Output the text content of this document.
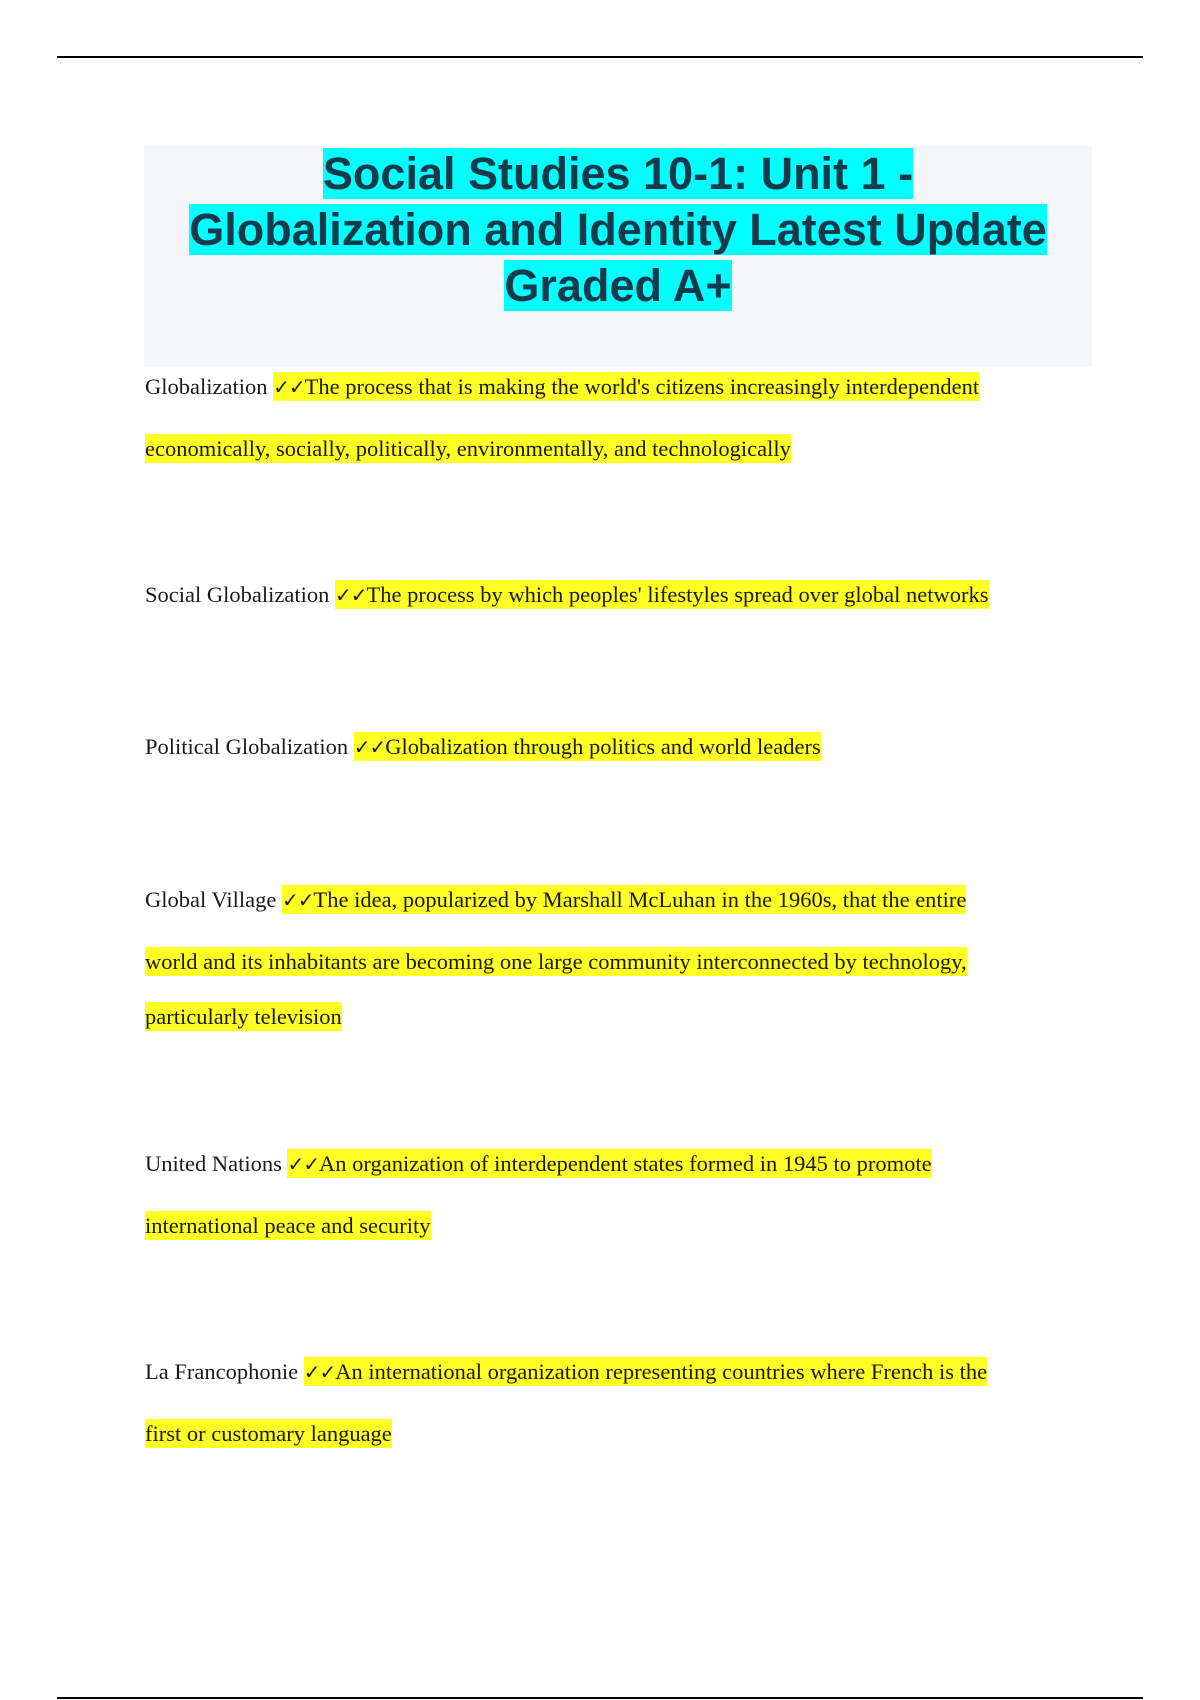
Social Studies 10-1: Unit 1 -
Globalization and Identity Latest Update
Graded A+
Globalization ✓✓The process that is making the world's citizens increasingly interdependent
economically, socially, politically, environmentally, and technologically
Social Globalization ✓✓The process by which peoples' lifestyles spread over global networks
Political Globalization ✓✓Globalization through politics and world leaders
Global Village ✓✓The idea, popularized by Marshall McLuhan in the 1960s, that the entire
world and its inhabitants are becoming one large community interconnected by technology,
particularly television
United Nations ✓✓An organization of interdependent states formed in 1945 to promote
international peace and security
La Francophonie ✓✓An international organization representing countries where French is the
first or customary language
